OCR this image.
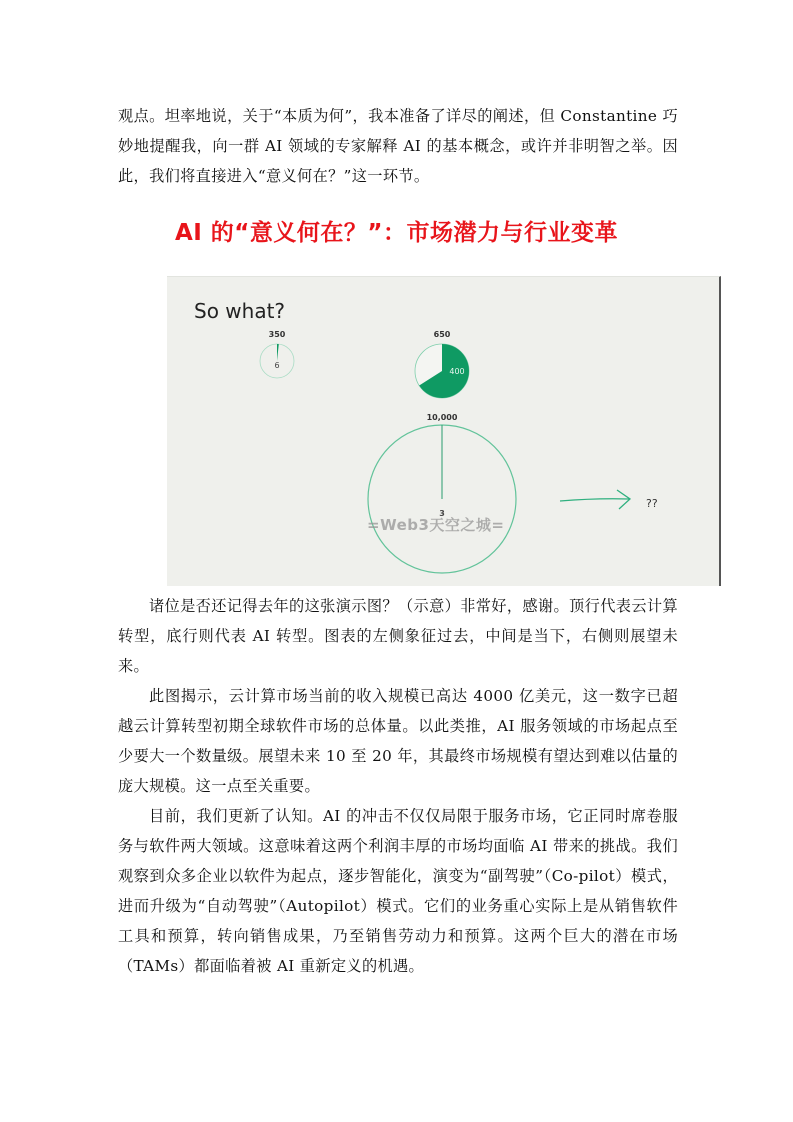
观点。坦率地说，关于“本质为何”，我本准备了详尽的阐述，但 Constantine 巧妙地提醒我，向一群 AI 领域的专家解释 AI 的基本概念，或许并非明智之举。因此，我们将直接进入“意义何在？”这一环节。

AI 的“意义何在？”：市场潜力与行业变革
So what?
350
6
650
400
10,000
3
??
=Web3天空之城=

诸位是否还记得去年的这张演示图？（示意）非常好，感谢。顶行代表云计算转型，底行则代表 AI 转型。图表的左侧象征过去，中间是当下，右侧则展望未来。

此图揭示，云计算市场当前的收入规模已高达 4000 亿美元，这一数字已超越云计算转型初期全球软件市场的总体量。以此类推，AI 服务领域的市场起点至少要大一个数量级。展望未来 10 至 20 年，其最终市场规模有望达到难以估量的庞大规模。这一点至关重要。

目前，我们更新了认知。AI 的冲击不仅仅局限于服务市场，它正同时席卷服务与软件两大领域。这意味着这两个利润丰厚的市场均面临 AI 带来的挑战。我们观察到众多企业以软件为起点，逐步智能化，演变为“副驾驶”（Co-pilot）模式，进而升级为“自动驾驶”（Autopilot）模式。它们的业务重心实际上是从销售软件工具和预算，转向销售成果，乃至销售劳动力和预算。这两个巨大的潜在市场（TAMs）都面临着被 AI 重新定义的机遇。
